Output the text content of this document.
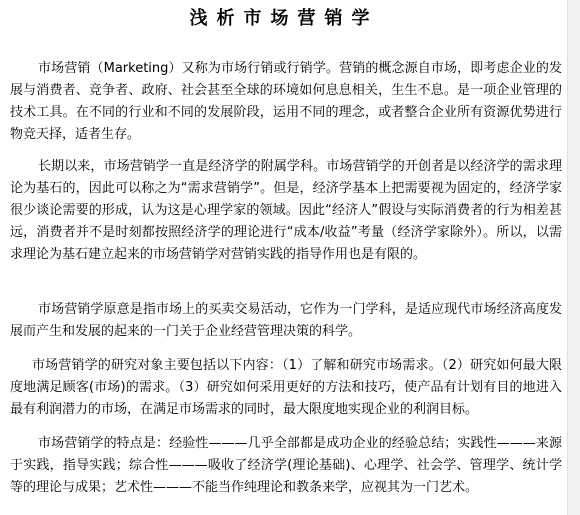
浅析市场营销学

市场营销（Marketing）又称为市场行销或行销学。营销的概念源自市场，即考虑企业的发展与消费者、竞争者、政府、社会甚至全球的环境如何息息相关，生生不息。是一项企业管理的技术工具。在不同的行业和不同的发展阶段，运用不同的理念，或者整合企业所有资源优势进行物竞天择，适者生存。

长期以来，市场营销学一直是经济学的附属学科。市场营销学的开创者是以经济学的需求理论为基石的，因此可以称之为“需求营销学”。但是，经济学基本上把需要视为固定的，经济学家很少谈论需要的形成，认为这是心理学家的领域。因此“经济人”假设与实际消费者的行为相差甚远，消费者并不是时刻都按照经济学的理论进行“成本/收益”考量（经济学家除外）。所以，以需求理论为基石建立起来的市场营销学对营销实践的指导作用也是有限的。

市场营销学原意是指市场上的买卖交易活动，它作为一门学科，是适应现代市场经济高度发展而产生和发展的起来的一门关于企业经营管理决策的科学。

市场营销学的研究对象主要包括以下内容：（1）了解和研究市场需求。（2）研究如何最大限度地满足顾客(市场)的需求。（3）研究如何采用更好的方法和技巧，使产品有计划有目的地进入最有利润潜力的市场，在满足市场需求的同时，最大限度地实现企业的利润目标。

市场营销学的特点是：经验性———几乎全部都是成功企业的经验总结；实践性———来源于实践，指导实践；综合性———吸收了经济学(理论基础)、心理学、社会学、管理学、统计学等的理论与成果；艺术性———不能当作纯理论和教条来学，应视其为一门艺术。
